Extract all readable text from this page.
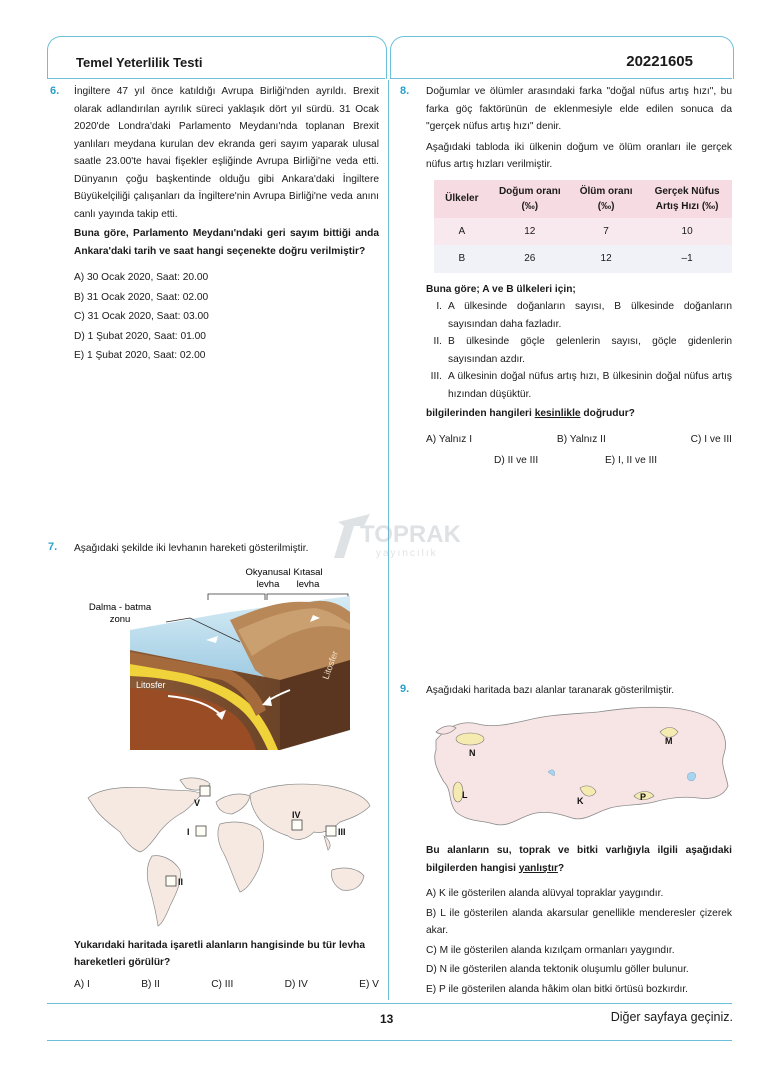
Temel Yeterlilik Testi	20221605
TOPRAK
yayıncılık
6. İngiltere 47 yıl önce katıldığı Avrupa Birliği'nden ayrıldı. Brexit olarak adlandırılan ayrılık süreci yaklaşık dört yıl sürdü. 31 Ocak 2020'de Londra'daki Parlamento Meydanı'nda toplanan Brexit yanlıları meydana kurulan dev ekranda geri sayım yaparak ulusal saatle 23.00'te havai fişekler eşliğinde Avrupa Birliği'ne veda etti. Dünyanın çoğu başkentinde olduğu gibi Ankara'daki İngiltere Büyükelçiliği çalışanları da İngiltere'nin Avrupa Birliği'ne veda anını canlı yayında takip etti.

Buna göre, Parlamento Meydanı'ndaki geri sayım bittiği anda Ankara'daki tarih ve saat hangi seçenekte doğru verilmiştir?

A) 30 Ocak 2020, Saat: 20.00

B) 31 Ocak 2020, Saat: 02.00

C) 31 Ocak 2020, Saat: 03.00

D) 1 Şubat 2020, Saat: 01.00

E) 1 Şubat 2020, Saat: 02.00

8. Doğumlar ve ölümler arasındaki farka "doğal nüfus artış hızı", bu farka göç faktörünün de eklenmesiyle elde edilen sonuca da "gerçek nüfus artış hızı" denir.

Aşağıdaki tabloda iki ülkenin doğum ve ölüm oranları ile gerçek nüfus artış hızları verilmiştir.

Ülkeler	Doğum oranı (‰)	Ölüm oranı (‰)	Gerçek Nüfus Artış Hızı (‰)
A	12	7	10
B	26	12	–1

Buna göre; A ve B ülkeleri için;

I. A ülkesinde doğanların sayısı, B ülkesinde doğanların sayısından daha fazladır.
II. B ülkesinde göçle gelenlerin sayısı, göçle gidenlerin sayısından azdır.
III. A ülkesinin doğal nüfus artış hızı, B ülkesinin doğal nüfus artış hızından düşüktür.

bilgilerinden hangileri kesinlikle doğrudur?

A) Yalnız I	B) Yalnız II	C) I ve III
D) II ve III	E) I, II ve III
7. Aşağıdaki şekilde iki levhanın hareketi gösterilmiştir.
Okyanusal
levha
Kıtasal
levha
Dalma - batma
zonu
Litosfer
Litosfer
I
II
III
IV
V
Yukarıdaki haritada işaretli alanların hangisinde bu tür levha hareketleri görülür?
A) I	B) II	C) III	D) IV	E) V
9. Aşağıdaki haritada bazı alanlar taranarak gösterilmiştir.
N
M
L
K	P

Bu alanların su, toprak ve bitki varlığıyla ilgili aşağıdaki bilgilerden hangisi yanlıştır?

A) K ile gösterilen alanda alüvyal topraklar yaygındır.

B) L ile gösterilen alanda akarsular genellikle menderesler çizerek akar.

C) M ile gösterilen alanda kızılçam ormanları yaygındır.

D) N ile gösterilen alanda tektonik oluşumlu göller bulunur.

E) P ile gösterilen alanda hâkim olan bitki örtüsü bozkırdır.

13	Diğer sayfaya geçiniz.
